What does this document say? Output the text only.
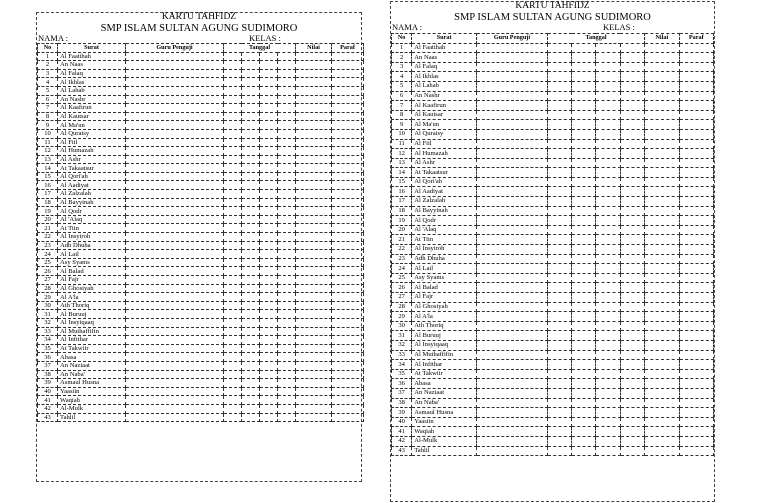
KARTU TAHFIDZ
SMP ISLAM SULTAN AGUNG SUDIMORO
NAMA :	KELAS :
No	Surat	Guru Penguji	Tanggal				Nilai	Paraf
1	Al Faatihah							
2	An Naas							
3	Al Falaq							
4	Al Ikhlas							
5	Al Lahab							
6	An Nashr							
7	Al Kaafirun							
8	Al Kautsar							
9	Al Ma'un							
10	Al Quraisy							
11	Al Fiil							
12	Al Humazah							
13	Al Ashr							
14	At Takaatsur							
15	Al Qori'ah							
16	Al Aadiyat							
17	Al Zalzalah							
18	Al Bayyinah							
19	Al Qodr							
20	Al 'Alaq							
21	At Tiin							
22	Al Insyiroh							
23	Adh Dhuha							
24	Al Lail							
25	Asy Syams							
26	Al Balad							
27	Al Fajr							
28	Al Ghosiyah							
29	Al A'la							
30	Ath Thoriq							
31	Al Buruuj							
32	Al Insyiqaaq							
33	Al Muthaffifin							
34	Al Infithar							
35	At Takwiir							
36	Abasa							
37	An Naziaat							
38	An Naba'							
39	Asmaul Husna							
40	Yaasiin							
41	Waqiah							
42	Al-Mulk							
43	Tahlil							
KARTU TAHFIDZ
SMP ISLAM SULTAN AGUNG SUDIMORO
NAMA :	KELAS :
No	Surat	Guru Penguji	Tanggal				Nilai	Paraf
1	Al Faatihah							
2	An Naas							
3	Al Falaq							
4	Al Ikhlas							
5	Al Lahab							
6	An Nashr							
7	Al Kaafirun							
8	Al Kautsar							
9	Al Ma'un							
10	Al Quraisy							
11	Al Fiil							
12	Al Humazah							
13	Al Ashr							
14	At Takaatsur							
15	Al Qori'ah							
16	Al Aadiyat							
17	Al Zalzalah							
18	Al Bayyinah							
19	Al Qodr							
20	Al 'Alaq							
21	At Tiin							
22	Al Insyiroh							
23	Adh Dhuha							
24	Al Lail							
25	Asy Syams							
26	Al Balad							
27	Al Fajr							
28	Al Ghosiyah							
29	Al A'la							
30	Ath Thoriq							
31	Al Buruuj							
32	Al Insyiqaaq							
33	Al Muthaffifin							
34	Al Infithar							
35	At Takwiir							
36	Abasa							
37	An Naziaat							
38	An Naba'							
39	Asmaul Husna							
40	Yaasiin							
41	Waqiah							
42	Al-Mulk							
43	Tahlil							
